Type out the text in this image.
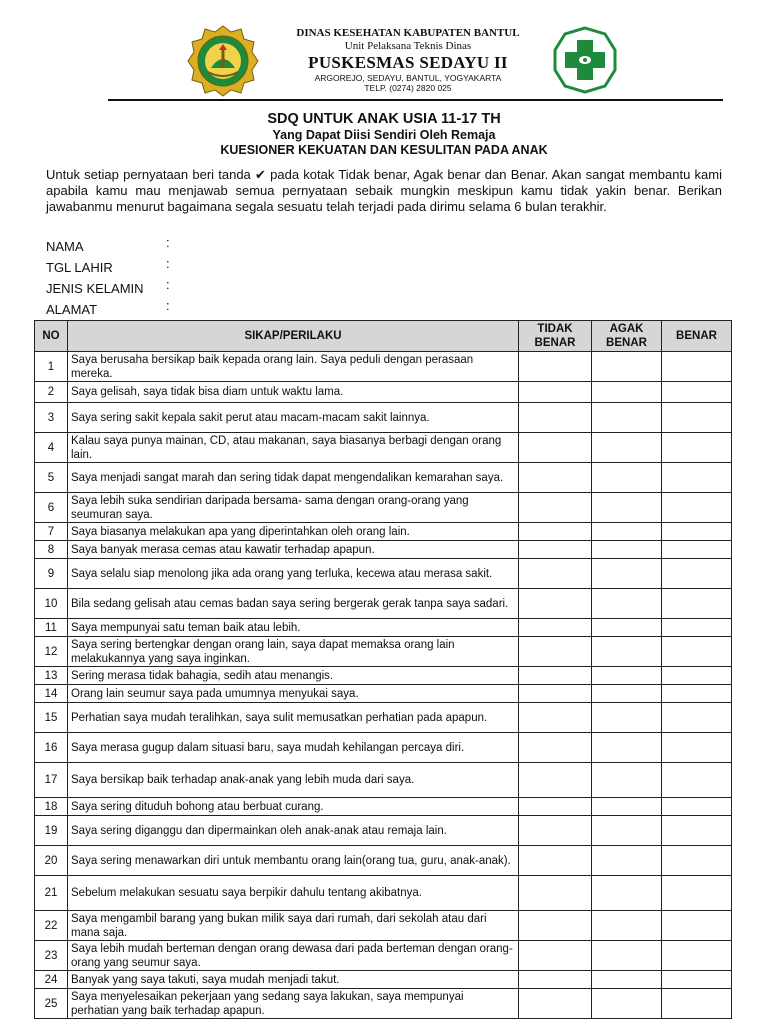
DINAS KESEHATAN KABUPATEN BANTUL
Unit Pelaksana Teknis Dinas
PUSKESMAS SEDAYU II
ARGOREJO, SEDAYU, BANTUL, YOGYAKARTA
TELP. (0274) 2820 025
SDQ UNTUK ANAK USIA 11-17 TH
Yang Dapat Diisi Sendiri Oleh Remaja
KUESIONER KEKUATAN DAN KESULITAN PADA ANAK
Untuk setiap pernyataan beri tanda ✔ pada kotak Tidak benar, Agak benar dan Benar. Akan sangat membantu kami apabila kamu mau menjawab semua pernyataan sebaik mungkin meskipun kamu tidak yakin benar. Berikan jawabanmu menurut bagaimana segala sesuatu telah terjadi pada dirimu selama 6 bulan terakhir.
NAMA	:
TGL LAHIR	:
JENIS KELAMIN :
ALAMAT	:
NO	SIKAP/PERILAKU	TIDAK BENAR	AGAK BENAR	BENAR
1	Saya berusaha bersikap baik kepada orang lain. Saya peduli dengan perasaan mereka.			
2	Saya gelisah, saya tidak bisa diam untuk waktu lama.			
3	Saya sering sakit kepala sakit perut atau macam-macam sakit lainnya.			
4	Kalau saya punya mainan, CD, atau makanan, saya biasanya berbagi dengan orang lain.			
5	Saya menjadi sangat marah dan sering tidak dapat mengendalikan kemarahan saya.			
6	Saya lebih suka sendirian daripada bersama- sama dengan orang-orang yang seumuran saya.			
7	Saya biasanya melakukan apa yang diperintahkan oleh orang lain.			
8	Saya banyak merasa cemas atau kawatir terhadap apapun.			
9	Saya selalu siap menolong jika ada orang yang terluka, kecewa atau merasa sakit.			
10	Bila sedang gelisah atau cemas badan saya sering bergerak gerak tanpa saya sadari.			
11	Saya mempunyai satu teman baik atau lebih.			
12	Saya sering bertengkar dengan orang lain, saya dapat memaksa orang lain melakukannya yang saya inginkan.			
13	Sering merasa tidak bahagia, sedih atau menangis.			
14	Orang lain seumur saya pada umumnya menyukai saya.			
15	Perhatian saya mudah teralihkan, saya sulit memusatkan perhatian pada apapun.			
16	Saya merasa gugup dalam situasi baru, saya mudah kehilangan percaya diri.			
17	Saya bersikap baik terhadap anak-anak yang lebih muda dari saya.			
18	Saya sering dituduh bohong atau berbuat curang.			
19	Saya sering diganggu dan dipermainkan oleh anak-anak atau remaja lain.			
20	Saya sering menawarkan diri untuk membantu orang lain(orang tua, guru, anak-anak).			
21	Sebelum melakukan sesuatu saya berpikir dahulu tentang akibatnya.			
22	Saya mengambil barang yang bukan milik saya dari rumah, dari sekolah atau dari mana saja.			
23	Saya lebih mudah berteman dengan orang dewasa dari pada berteman dengan orang- orang yang seumur saya.			
24	Banyak yang saya takuti, saya mudah menjadi takut.			
25	Saya menyelesaikan pekerjaan yang sedang saya lakukan, saya mempunyai perhatian yang baik terhadap apapun.			
